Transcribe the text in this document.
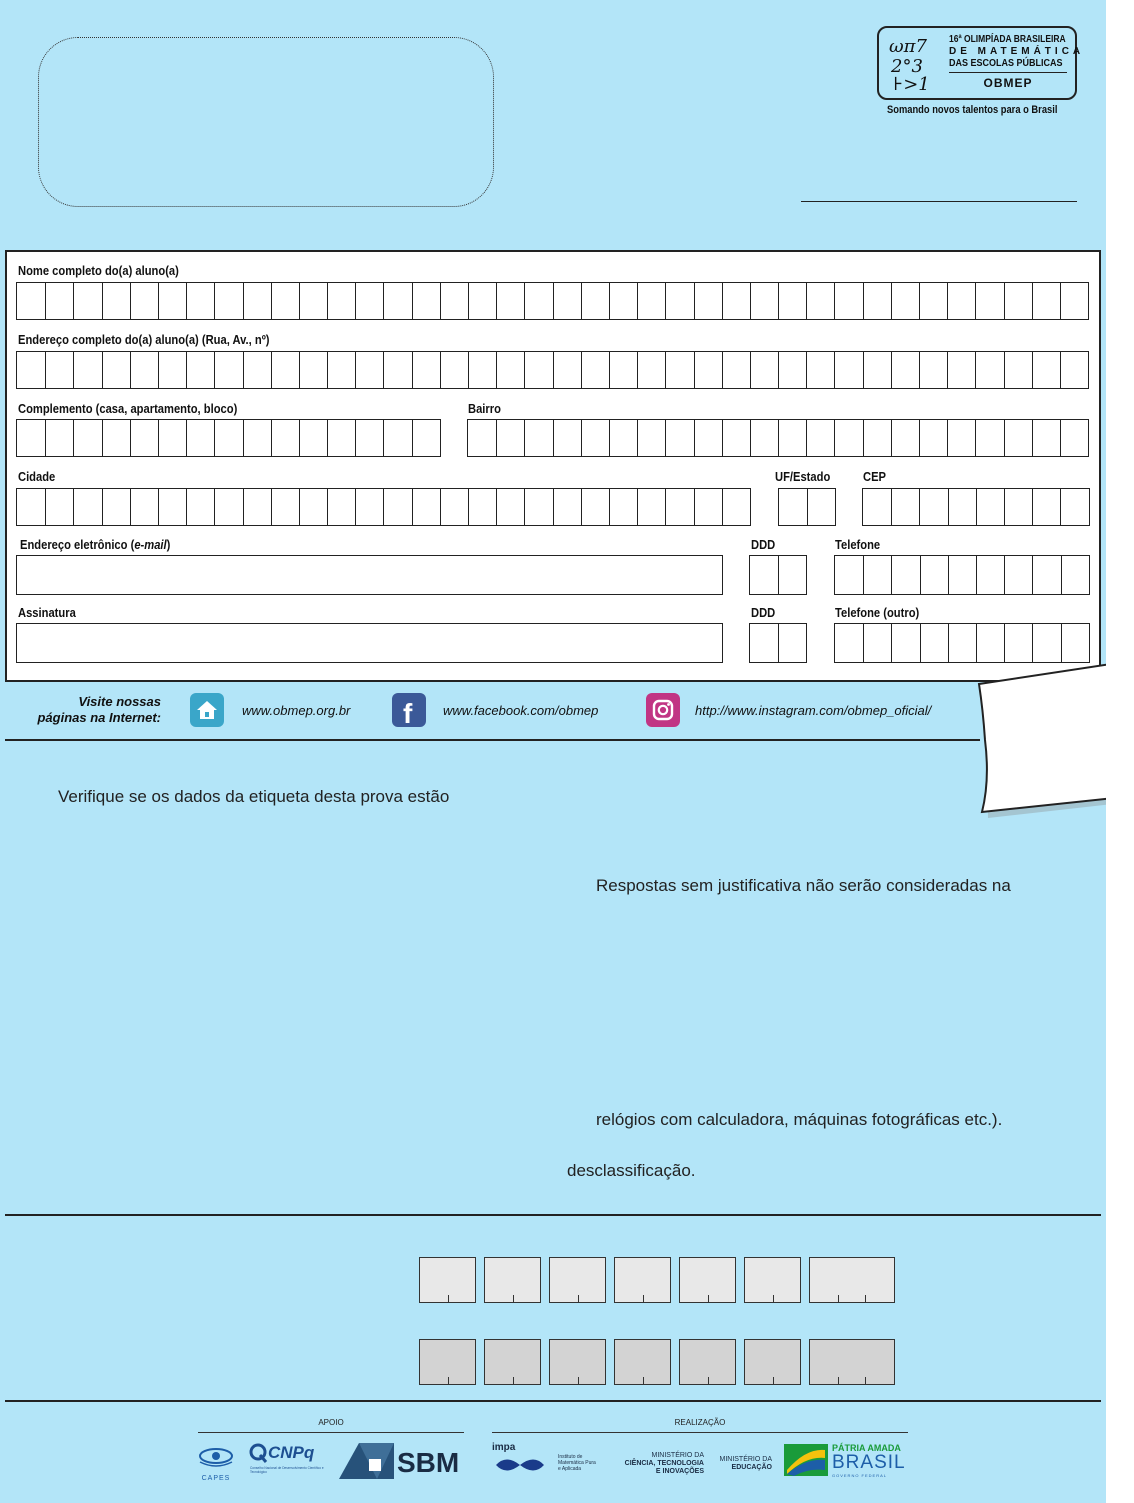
ωπ7
2°3
⊦>1
16ª OLIMPÍADA BRASILEIRA
DE MATEMÁTICA
DAS ESCOLAS PÚBLICAS
OBMEP
Somando novos talentos para o Brasil
Nome completo do(a) aluno(a)
Endereço completo do(a) aluno(a) (Rua, Av., nº)
Complemento (casa, apartamento, bloco)	Bairro
Cidade	UF/Estado	CEP
Endereço eletrônico (e-mail)	DDD	Telefone
Assinatura	DDD	Telefone (outro)
Visite nossas
páginas na Internet:	www.obmep.org.br f www.facebook.com/obmep	http://www.instagram.com/obmep_oficial/
Verifique se os dados da etiqueta desta prova estão
Respostas sem justificativa não serão consideradas na
relógios com calculadora, máquinas fotográficas etc.).
desclassificação.
APOIO
CAPES
CNPq
Conselho Nacional de Desenvolvimento Científico e Tecnológico	SBM
REALIZAÇÃO
impa
Instituto de Matemática Pura e Aplicada
MINISTÉRIO DA
CIÊNCIA, TECNOLOGIA
E INOVAÇÕES
MINISTÉRIO DA
EDUCAÇÃO
PÁTRIA AMADA
BRASIL
GOVERNO FEDERAL
